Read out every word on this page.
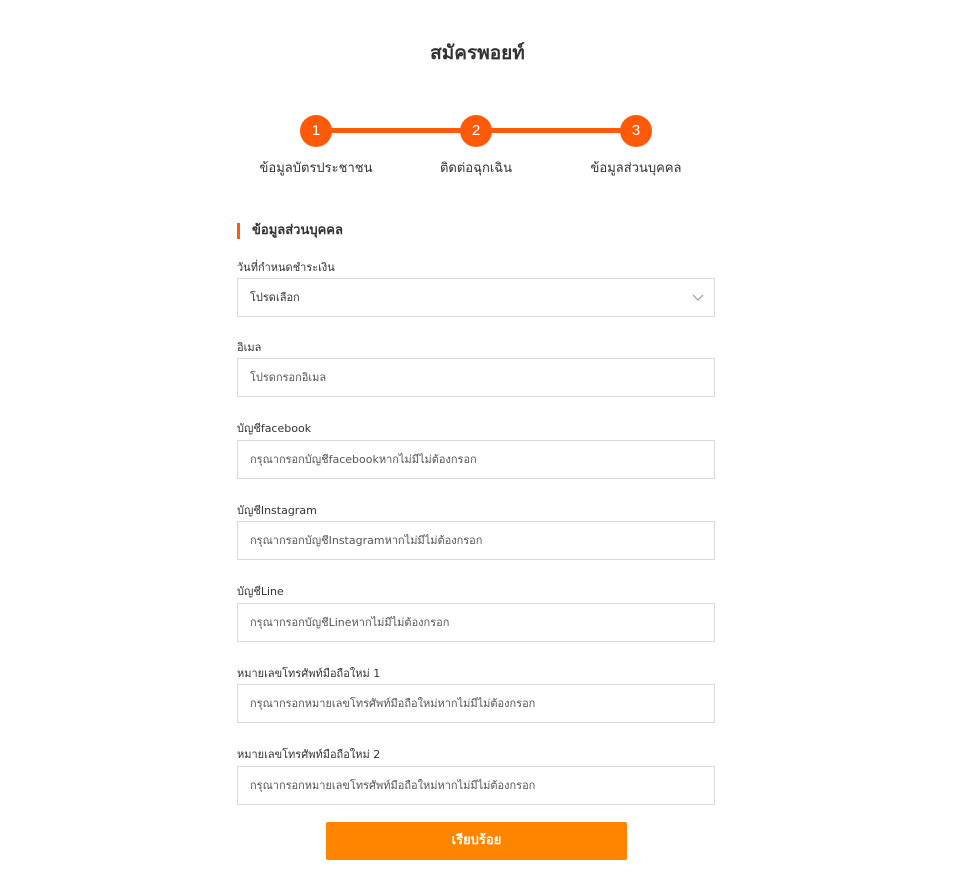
สมัครพอยท์
1	2	3
ข้อมูลบัตรประชาชน	ติดต่อฉุกเฉิน	ข้อมูลส่วนบุคคล
ข้อมูลส่วนบุคคล
วันที่กำหนดชำระเงิน
โปรดเลือก
อิเมล
โปรดกรอกอิเมล
บัญชีfacebook
กรุณากรอกบัญชีfacebookหากไม่มีไม่ต้องกรอก
บัญชีInstagram
กรุณากรอกบัญชีInstagramหากไม่มีไม่ต้องกรอก
บัญชีLine
กรุณากรอกบัญชีLineหากไม่มีไม่ต้องกรอก
หมายเลขโทรศัพท์มือถือใหม่ 1
กรุณากรอกหมายเลขโทรศัพท์มือถือใหม่หากไม่มีไม่ต้องกรอก
หมายเลขโทรศัพท์มือถือใหม่ 2
กรุณากรอกหมายเลขโทรศัพท์มือถือใหม่หากไม่มีไม่ต้องกรอก
เรียบร้อย
